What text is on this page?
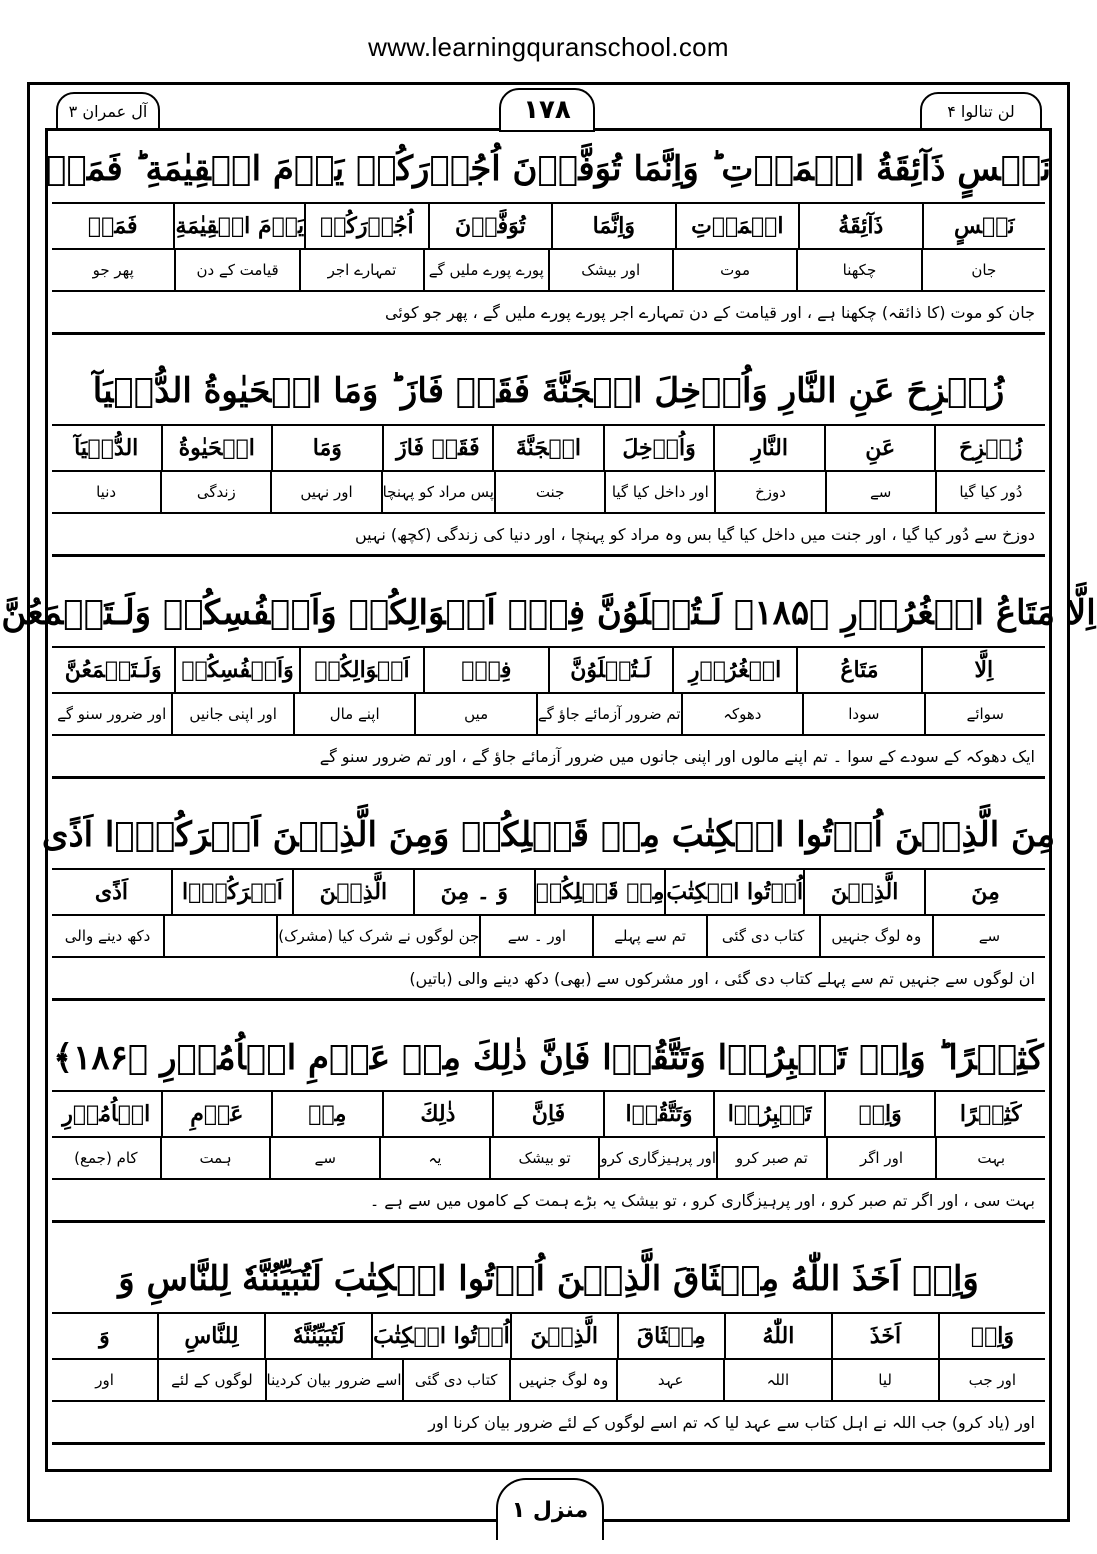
www.learningquranschool.com
آل عمران ۳	۱۷۸	لن تنالوا ۴
نَفۡسٍ ذَآئِقَةُ الۡمَوۡتِ ؕ وَاِنَّمَا تُوَفَّوۡنَ اُجُوۡرَكُمۡ يَوۡمَ الۡقِيٰمَةِ ؕ فَمَنۡ
نَفۡسٍ
ذَآئِقَةُ
الۡمَوۡتِ
وَاِنَّمَا
تُوَفَّوۡنَ
اُجُوۡرَكُمۡ
يَوۡمَ الۡقِيٰمَةِ
فَمَنۡ
جان
چکھنا
موت
اور بیشک
پورے پورے ملیں گے
تمہارے اجر
قیامت کے دن
پھر جو
جان کو موت (کا ذائقہ) چکھنا ہے ، اور قیامت کے دن تمہارے اجر پورے پورے ملیں گے ، پھر جو کوئی
زُحۡزِحَ عَنِ النَّارِ وَاُدۡخِلَ الۡجَنَّةَ فَقَدۡ فَازَ ؕ وَمَا الۡحَيٰوةُ الدُّنۡيَآ
زُحۡزِحَ
عَنِ
النَّارِ
وَاُدۡخِلَ
الۡجَنَّةَ
فَقَدۡ فَازَ
وَمَا
الۡحَيٰوةُ
الدُّنۡيَآ
دُور کیا گیا
سے
دوزخ
اور داخل کیا گیا
جنت
پس مراد کو پہنچا
اور نہیں
زندگی
دنیا
دوزخ سے دُور کیا گیا ، اور جنت میں داخل کیا گیا بس وہ مراد کو پہنچا ، اور دنیا کی زندگی (کچھ) نہیں
اِلَّا مَتَاعُ الۡغُرُوۡرِ ﴿۱۸۵﴾ لَـتُبۡلَوُنَّ فِىۡۤ اَمۡوَالِكُمۡ وَاَنۡفُسِكُمۡ وَلَـتَسۡمَعُنَّ
اِلَّا
مَتَاعُ
الۡغُرُوۡرِ
لَـتُبۡلَوُنَّ
فِىۡۤ
اَمۡوَالِكُمۡ
وَاَنۡفُسِكُمۡ
وَلَـتَسۡمَعُنَّ
سوائے
سودا
دھوکہ
تم ضرور آزمائے جاؤ گے
میں
اپنے مال
اور اپنی جانیں
اور ضرور سنو گے
ایک دھوکہ کے سودے کے سوا ۔ تم اپنے مالوں اور اپنی جانوں میں ضرور آزمائے جاؤ گے ، اور تم ضرور سنو گے
مِنَ الَّذِيۡنَ اُوۡتُوا الۡكِتٰبَ مِنۡ قَبۡلِكُمۡ وَمِنَ الَّذِيۡنَ اَشۡرَكُوۡۤا اَذًى
مِنَ
الَّذِيۡنَ
اُوۡتُوا الۡكِتٰبَ
مِنۡ قَبۡلِكُمۡ
وَ ۔ مِنَ
الَّذِيۡنَ
اَشۡرَكُوۡۤا
اَذًى
سے
وہ لوگ جنہیں
کتاب دی گئی
تم سے پہلے
اور ۔ سے
جن لوگوں نے شرک کیا (مشرک)
دکھ دینے والی
ان لوگوں سے جنہیں تم سے پہلے کتاب دی گئی ، اور مشرکوں سے (بھی) دکھ دینے والی (باتیں)
كَثِيۡرًا ؕ وَاِنۡ تَصۡبِرُوۡا وَتَتَّقُوۡا فَاِنَّ ذٰلِكَ مِنۡ عَزۡمِ الۡاُمُوۡرِ ﴿۱۸۶﴾
كَثِيۡرًا
وَاِنۡ
تَصۡبِرُوۡا
وَتَتَّقُوۡا
فَاِنَّ
ذٰلِكَ
مِنۡ
عَزۡمِ
الۡاُمُوۡرِ
بہت
اور اگر
تم صبر کرو
اور پرہیزگاری کرو
تو بیشک
یہ
سے
ہمت
کام (جمع)
بہت سی ، اور اگر تم صبر کرو ، اور پرہیزگاری کرو ، تو بیشک یہ بڑے ہمت کے کاموں میں سے ہے ۔
وَاِذۡ اَخَذَ اللّٰهُ مِيۡثَاقَ الَّذِيۡنَ اُوۡتُوا الۡكِتٰبَ لَتُبَيِّنُنَّهٗ لِلنَّاسِ وَ
وَاِذۡ
اَخَذَ
اللّٰهُ
مِيۡثَاقَ
الَّذِيۡنَ
اُوۡتُوا الۡكِتٰبَ
لَتُبَيِّنُنَّهٗ
لِلنَّاسِ
وَ
اور جب
لیا
اللہ
عہد
وہ لوگ جنہیں
کتاب دی گئی
اسے ضرور بیان کردینا
لوگوں کے لئے
اور
اور (یاد کرو) جب اللہ نے اہل کتاب سے عہد لیا کہ تم اسے لوگوں کے لئے ضرور بیان کرنا اور
منزل ۱
